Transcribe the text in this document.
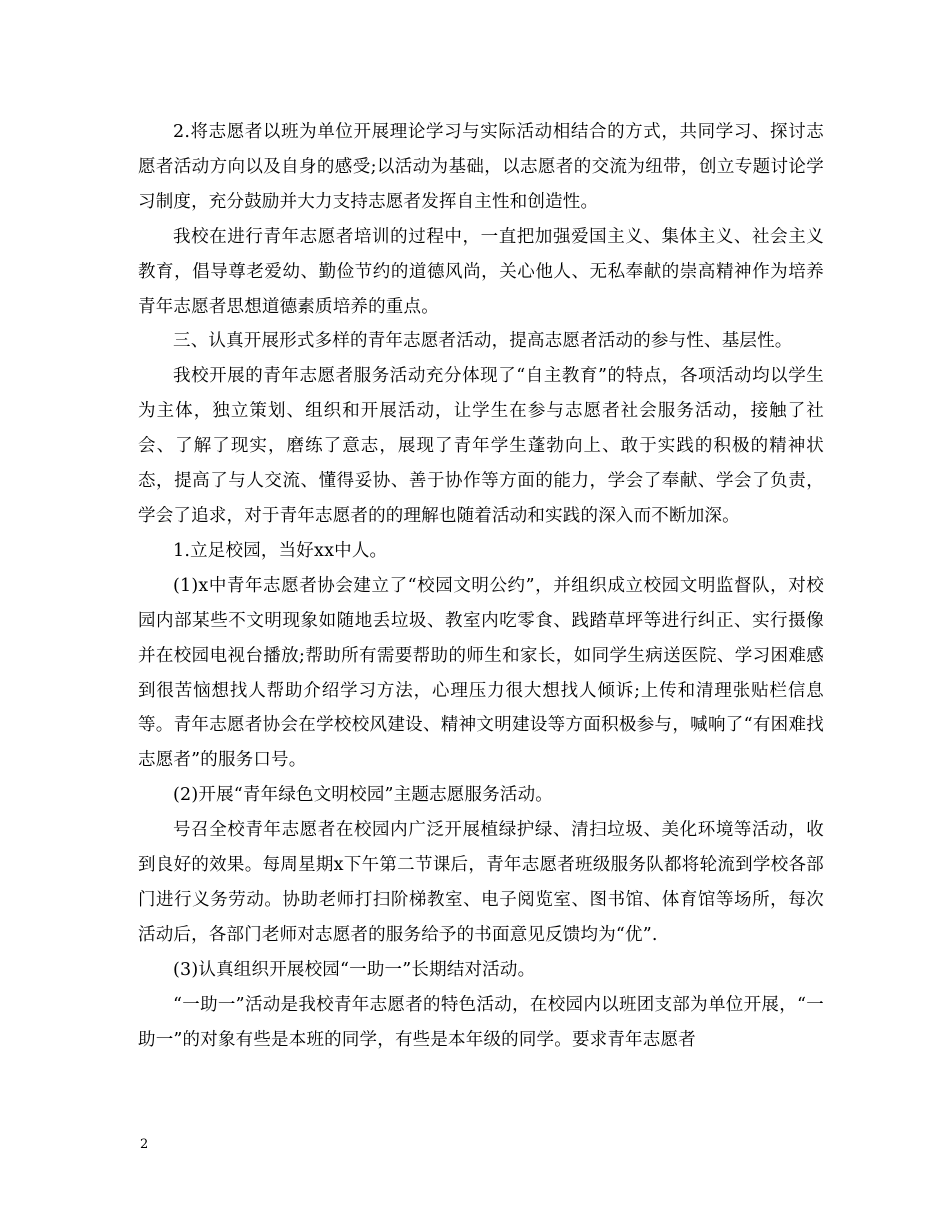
2.将志愿者以班为单位开展理论学习与实际活动相结合的方式，共同学习、探讨志愿者活动方向以及自身的感受;以活动为基础，以志愿者的交流为纽带，创立专题讨论学习制度，充分鼓励并大力支持志愿者发挥自主性和创造性。

我校在进行青年志愿者培训的过程中，一直把加强爱国主义、集体主义、社会主义教育，倡导尊老爱幼、勤俭节约的道德风尚，关心他人、无私奉献的崇高精神作为培养青年志愿者思想道德素质培养的重点。

三、认真开展形式多样的青年志愿者活动，提高志愿者活动的参与性、基层性。

我校开展的青年志愿者服务活动充分体现了“自主教育”的特点，各项活动均以学生为主体，独立策划、组织和开展活动，让学生在参与志愿者社会服务活动，接触了社会、了解了现实，磨练了意志，展现了青年学生蓬勃向上、敢于实践的积极的精神状态，提高了与人交流、懂得妥协、善于协作等方面的能力，学会了奉献、学会了负责，学会了追求，对于青年志愿者的的理解也随着活动和实践的深入而不断加深。

1.立足校园，当好xx中人。

(1)x中青年志愿者协会建立了“校园文明公约”，并组织成立校园文明监督队，对校园内部某些不文明现象如随地丢垃圾、教室内吃零食、践踏草坪等进行纠正、实行摄像并在校园电视台播放;帮助所有需要帮助的师生和家长，如同学生病送医院、学习困难感到很苦恼想找人帮助介绍学习方法，心理压力很大想找人倾诉;上传和清理张贴栏信息等。青年志愿者协会在学校校风建设、精神文明建设等方面积极参与，喊响了“有困难找志愿者”的服务口号。

(2)开展“青年绿色文明校园”主题志愿服务活动。

号召全校青年志愿者在校园内广泛开展植绿护绿、清扫垃圾、美化环境等活动，收到良好的效果。每周星期x下午第二节课后，青年志愿者班级服务队都将轮流到学校各部门进行义务劳动。协助老师打扫阶梯教室、电子阅览室、图书馆、体育馆等场所，每次活动后，各部门老师对志愿者的服务给予的书面意见反馈均为“优”.

(3)认真组织开展校园“一助一”长期结对活动。

“一助一”活动是我校青年志愿者的特色活动，在校园内以班团支部为单位开展，“一助一”的对象有些是本班的同学，有些是本年级的同学。要求青年志愿者

2
